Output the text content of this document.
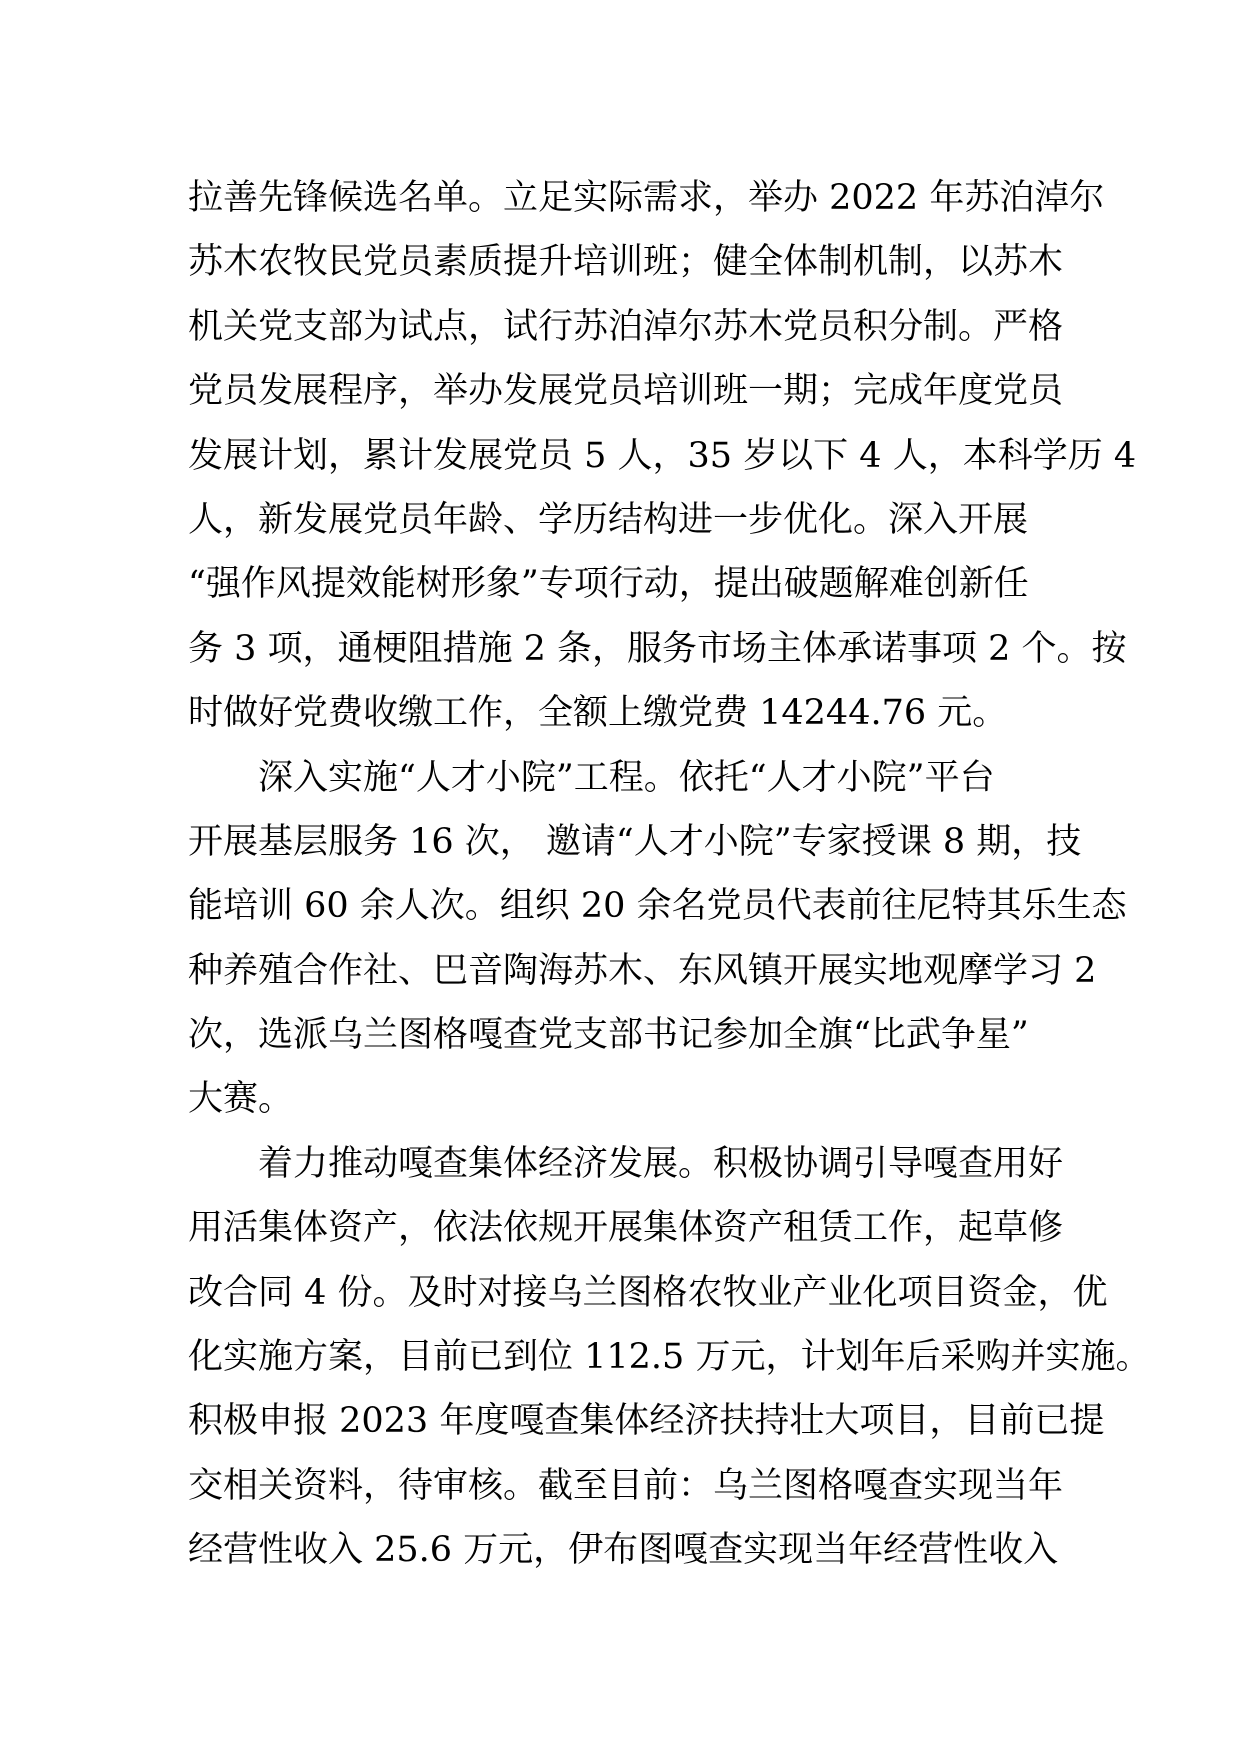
拉善先锋候选名单。立足实际需求，举办 2022 年苏泊淖尔
苏木农牧民党员素质提升培训班；健全体制机制，以苏木
机关党支部为试点，试行苏泊淖尔苏木党员积分制。严格
党员发展程序，举办发展党员培训班一期；完成年度党员
发展计划，累计发展党员 5 人，35 岁以下 4 人，本科学历 4
人，新发展党员年龄、学历结构进一步优化。深入开展
“强作风提效能树形象”专项行动，提出破题解难创新任
务 3 项，通梗阻措施 2 条，服务市场主体承诺事项 2 个。按
时做好党费收缴工作，全额上缴党费 14244.76 元。
　　深入实施“人才小院”工程。依托“人才小院”平台
开展基层服务 16 次， 邀请“人才小院”专家授课 8 期，技
能培训 60 余人次。组织 20 余名党员代表前往尼特其乐生态
种养殖合作社、巴音陶海苏木、东风镇开展实地观摩学习 2
次，选派乌兰图格嘎查党支部书记参加全旗“比武争星”
大赛。
　　着力推动嘎查集体经济发展。积极协调引导嘎查用好
用活集体资产，依法依规开展集体资产租赁工作，起草修
改合同 4 份。及时对接乌兰图格农牧业产业化项目资金，优
化实施方案，目前已到位 112.5 万元，计划年后采购并实施。
积极申报 2023 年度嘎查集体经济扶持壮大项目，目前已提
交相关资料，待审核。截至目前：乌兰图格嘎查实现当年
经营性收入 25.6 万元，伊布图嘎查实现当年经营性收入
